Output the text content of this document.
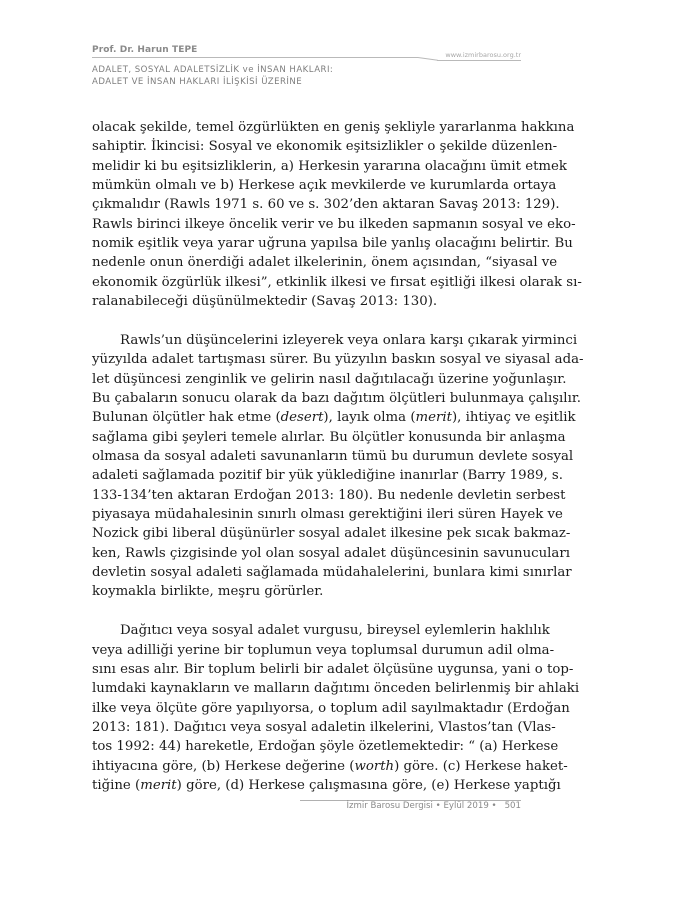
Prof. Dr. Harun TEPE	www.izmirbarosu.org.tr
ADALET, SOSYAL ADALETSİZLİK ve İNSAN HAKLARI:
ADALET VE İNSAN HAKLARI İLİŞKİSİ ÜZERİNE
olacak şekilde, temel özgürlükten en geniş şekliyle yararlanma hakkına
sahiptir. İkincisi: Sosyal ve ekonomik eşitsizlikler o şekilde düzenlen-
melidir ki bu eşitsizliklerin, a) Herkesin yararına olacağını ümit etmek
mümkün olmalı ve b) Herkese açık mevkilerde ve kurumlarda ortaya
çıkmalıdır (Rawls 1971 s. 60 ve s. 302’den aktaran Savaş 2013: 129).
Rawls birinci ilkeye öncelik verir ve bu ilkeden sapmanın sosyal ve eko-
nomik eşitlik veya yarar uğruna yapılsa bile yanlış olacağını belirtir. Bu
nedenle onun önerdiği adalet ilkelerinin, önem açısından, “siyasal ve
ekonomik özgürlük ilkesi”, etkinlik ilkesi ve fırsat eşitliği ilkesi olarak sı-
ralanabileceği düşünülmektedir (Savaş 2013: 130).
Rawls’un düşüncelerini izleyerek veya onlara karşı çıkarak yirminci
yüzyılda adalet tartışması sürer. Bu yüzyılın baskın sosyal ve siyasal ada-
let düşüncesi zenginlik ve gelirin nasıl dağıtılacağı üzerine yoğunlaşır.
Bu çabaların sonucu olarak da bazı dağıtım ölçütleri bulunmaya çalışılır.
Bulunan ölçütler hak etme (desert), layık olma (merit), ihtiyaç ve eşitlik
sağlama gibi şeyleri temele alırlar. Bu ölçütler konusunda bir anlaşma
olmasa da sosyal adaleti savunanların tümü bu durumun devlete sosyal
adaleti sağlamada pozitif bir yük yüklediğine inanırlar (Barry 1989, s.
133-134’ten aktaran Erdoğan 2013: 180). Bu nedenle devletin serbest
piyasaya müdahalesinin sınırlı olması gerektiğini ileri süren Hayek ve
Nozick gibi liberal düşünürler sosyal adalet ilkesine pek sıcak bakmaz-
ken, Rawls çizgisinde yol olan sosyal adalet düşüncesinin savunucuları
devletin sosyal adaleti sağlamada müdahalelerini, bunlara kimi sınırlar
koymakla birlikte, meşru görürler.
Dağıtıcı veya sosyal adalet vurgusu, bireysel eylemlerin haklılık
veya adilliği yerine bir toplumun veya toplumsal durumun adil olma-
sını esas alır. Bir toplum belirli bir adalet ölçüsüne uygunsa, yani o top-
lumdaki kaynakların ve malların dağıtımı önceden belirlenmiş bir ahlaki
ilke veya ölçüte göre yapılıyorsa, o toplum adil sayılmaktadır (Erdoğan
2013: 181). Dağıtıcı veya sosyal adaletin ilkelerini, Vlastos’tan (Vlas-
tos 1992: 44) hareketle, Erdoğan şöyle özetlemektedir: “ (a) Herkese
ihtiyacına göre, (b) Herkese değerine (worth) göre. (c) Herkese haket-
tiğine (merit) göre, (d) Herkese çalışmasına göre, (e) Herkese yaptığı
İzmir Barosu Dergisi • Eylül 2019 • 501
